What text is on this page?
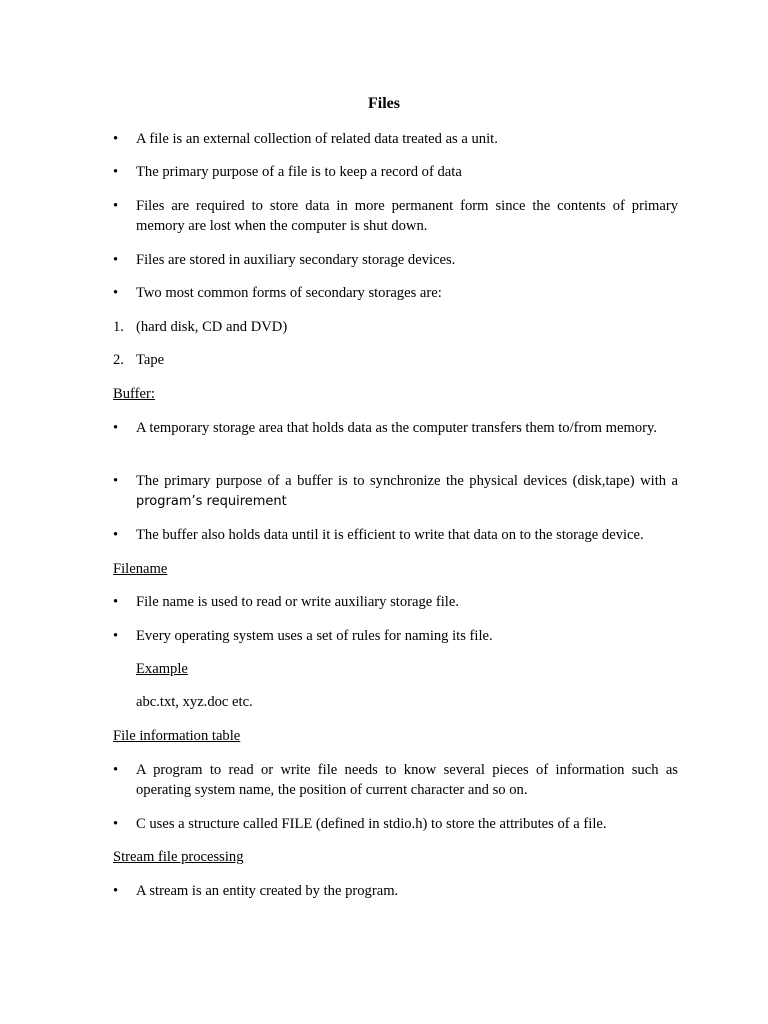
Files
•	A file is an external collection of related data treated as a unit.
•	The primary purpose of a file is to keep a record of data
•	Files are required to store data in more permanent form since the contents of primary memory are lost when the computer is shut down.
•	Files are stored in auxiliary secondary storage devices.
•	Two most common forms of secondary storages are:
1. (hard disk, CD and DVD)
2. Tape
Buffer:
•	A temporary storage area that holds data as the computer transfers them to/from memory.
•	The primary purpose of a buffer is to synchronize the physical devices (disk,tape) with a
program’s requirement
•	The buffer also holds data until it is efficient to write that data on to the storage device.
Filename
•	File name is used to read or write auxiliary storage file.
•	Every operating system uses a set of rules for naming its file.
Example
abc.txt, xyz.doc etc.
File information table
•	A program to read or write file needs to know several pieces of information such as operating system name, the position of current character and so on.
•	C uses a structure called FILE (defined in stdio.h) to store the attributes of a file.
Stream file processing
•	A stream is an entity created by the program.
